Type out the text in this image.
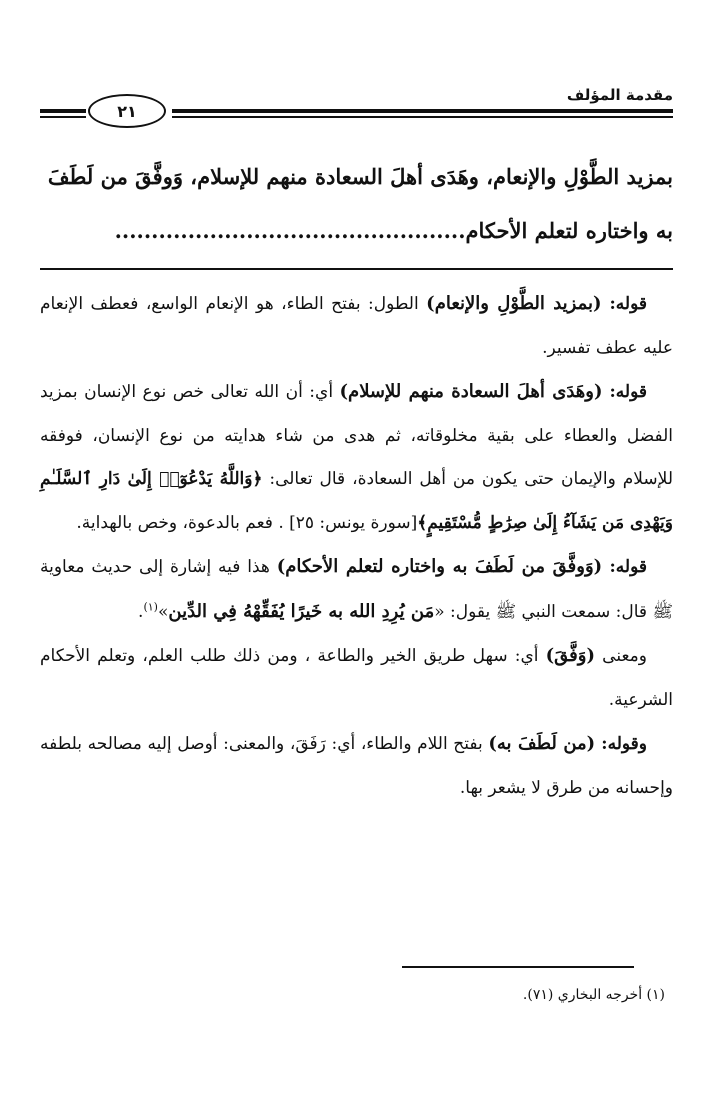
٢١
مقدمة المؤلف

بمزيد الطَّوْلِ والإنعام، وهَدَى أهلَ السعادة منهم للإسلام، وَوفَّقَ من لَطَفَ

به واختاره لتعلم الأحكام................................................

قوله: (بمزيد الطَّوْلِ والإنعام) الطول: بفتح الطاء، هو الإنعام الواسع، فعطف الإنعام عليه عطف تفسير.

قوله: (وهَدَى أهلَ السعادة منهم للإسلام) أي: أن الله تعالى خص نوع الإنسان بمزيد الفضل والعطاء على بقية مخلوقاته، ثم هدى من شاء هدايته من نوع الإنسان، فوفقه للإسلام والإيمان حتى يكون من أهل السعادة، قال تعالى: ﴿وَاللَّهُ يَدْعُوٓا۟ إِلَىٰ دَارِ ٱلسَّلَـٰمِ وَيَهْدِى مَن يَشَآءُ إِلَىٰ صِرَٰطٍ مُّسْتَقِيمٍ﴾[سورة يونس: ٢٥] . فعم بالدعوة، وخص بالهداية.

قوله: (وَوفَّقَ من لَطَفَ به واختاره لتعلم الأحكام) هذا فيه إشارة إلى حديث معاوية ﷺ قال: سمعت النبي ﷺ يقول: «مَن يُرِدِ الله به خَيرًا يُفَقِّهْهُ فِي الدِّين»$^{(١)}$.

ومعنى (وَفَّقَ) أي: سهل طريق الخير والطاعة ، ومن ذلك طلب العلم، وتعلم الأحكام الشرعية.

وقوله: (من لَطَفَ به) بفتح اللام والطاء، أي: رَفَقَ، والمعنى: أوصل إليه مصالحه بلطفه وإحسانه من طرق لا يشعر بها.

(١) أخرجه البخاري (٧١).
